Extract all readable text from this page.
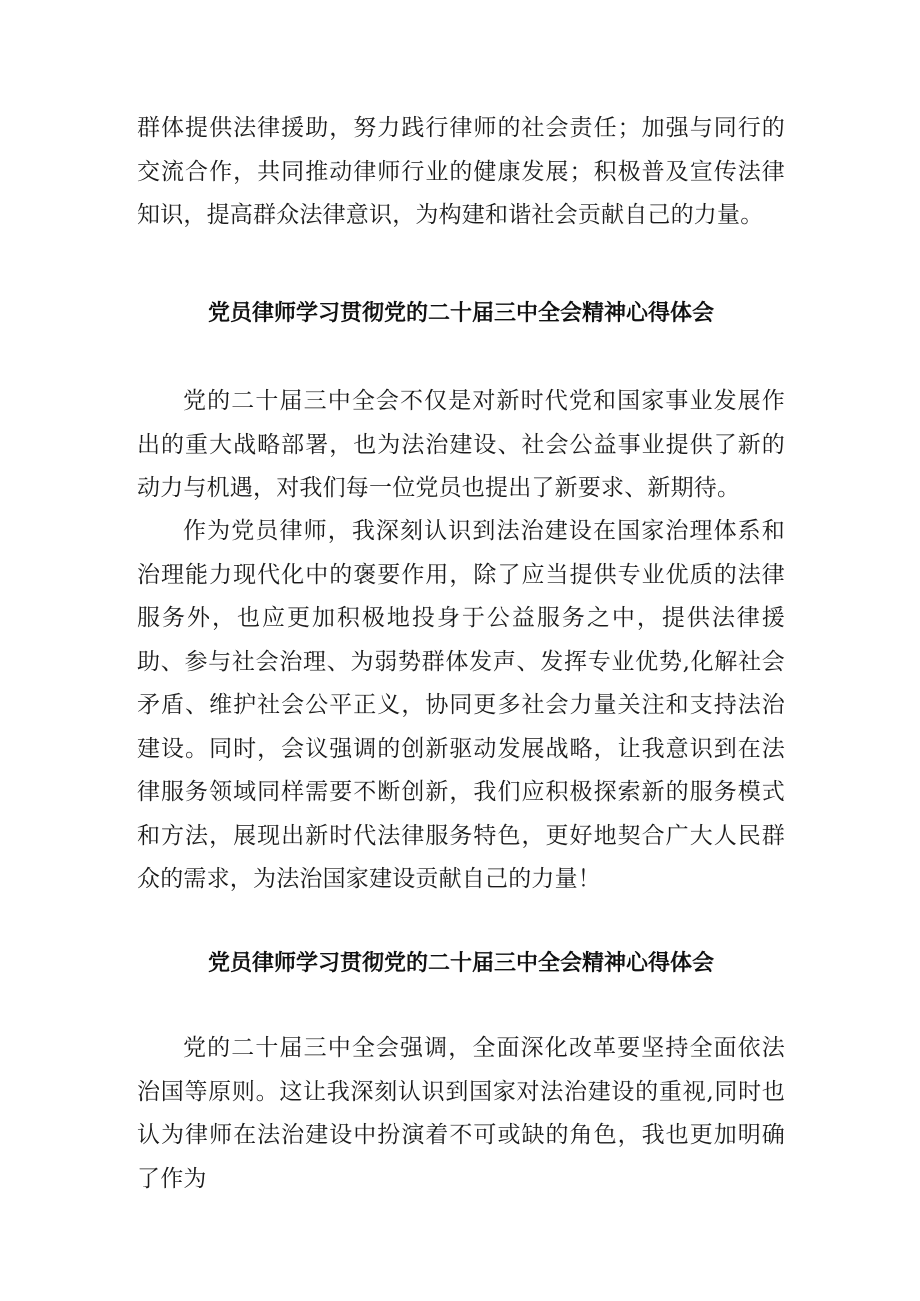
群体提供法律援助，努力践行律师的社会责任；加强与同行的交流合作，共同推动律师行业的健康发展；积极普及宣传法律知识，提高群众法律意识，为构建和谐社会贡献自己的力量。

党员律师学习贯彻党的二十届三中全会精神心得体会

党的二十届三中全会不仅是对新时代党和国家事业发展作出的重大战略部署，也为法治建设、社会公益事业提供了新的动力与机遇，对我们每一位党员也提出了新要求、新期待。

作为党员律师，我深刻认识到法治建设在国家治理体系和治理能力现代化中的褒要作用，除了应当提供专业优质的法律服务外，也应更加积极地投身于公益服务之中，提供法律援助、参与社会治理、为弱势群体发声、发挥专业优势,化解社会矛盾、维护社会公平正义，协同更多社会力量关注和支持法治建设。同时，会议强调的创新驱动发展战略，让我意识到在法律服务领域同样需要不断创新，我们应积极探索新的服务模式和方法，展现出新时代法律服务特色，更好地契合广大人民群众的需求，为法治国家建设贡献自己的力量！

党员律师学习贯彻党的二十届三中全会精神心得体会

党的二十届三中全会强调，全面深化改革要坚持全面依法治国等原则。这让我深刻认识到国家对法治建设的重视,同时也认为律师在法治建设中扮演着不可或缺的角色，我也更加明确了作为
